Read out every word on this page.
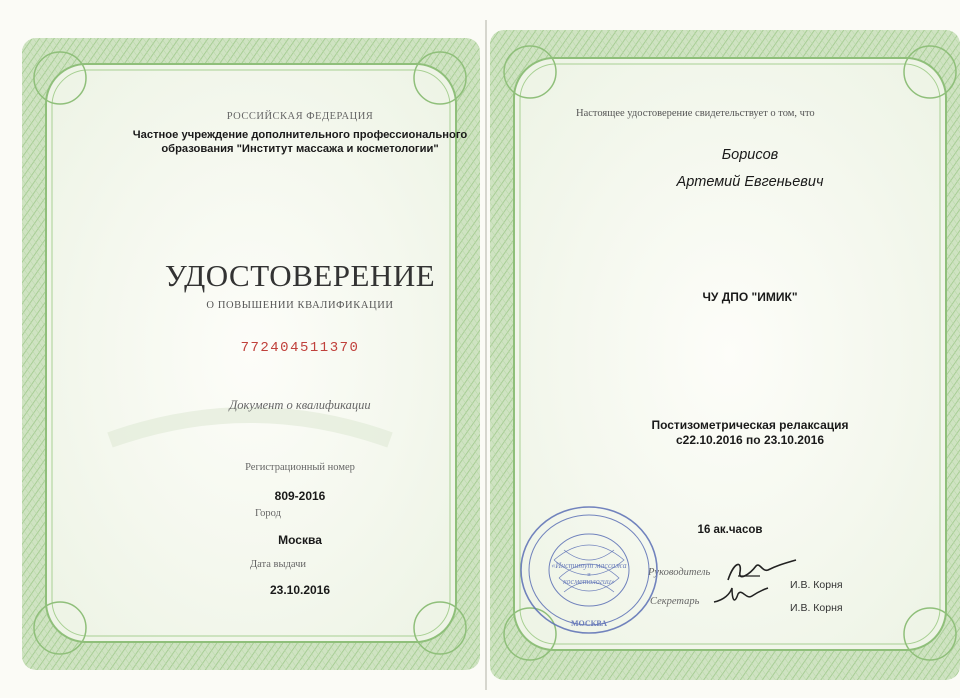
РОССИЙСКАЯ ФЕДЕРАЦИЯ
Частное учреждение дополнительного профессионального
образования "Институт массажа и косметологии"
УДОСТОВЕРЕНИЕ
О ПОВЫШЕНИИ КВАЛИФИКАЦИИ
772404511370
Документ о квалификации
Регистрационный номер
809-2016
Город
Москва
Дата выдачи
23.10.2016
Настоящее удостоверение свидетельствует о том, что
Борисов
Артемий Евгеньевич
ЧУ ДПО "ИМИК"
Постизометрическая релаксация
с22.10.2016 по 23.10.2016
16 ак.часов
Руководитель
И.В. Корня
Секретарь
И.В. Корня
«Институт массажа
и
косметологии»
МОСКВА
